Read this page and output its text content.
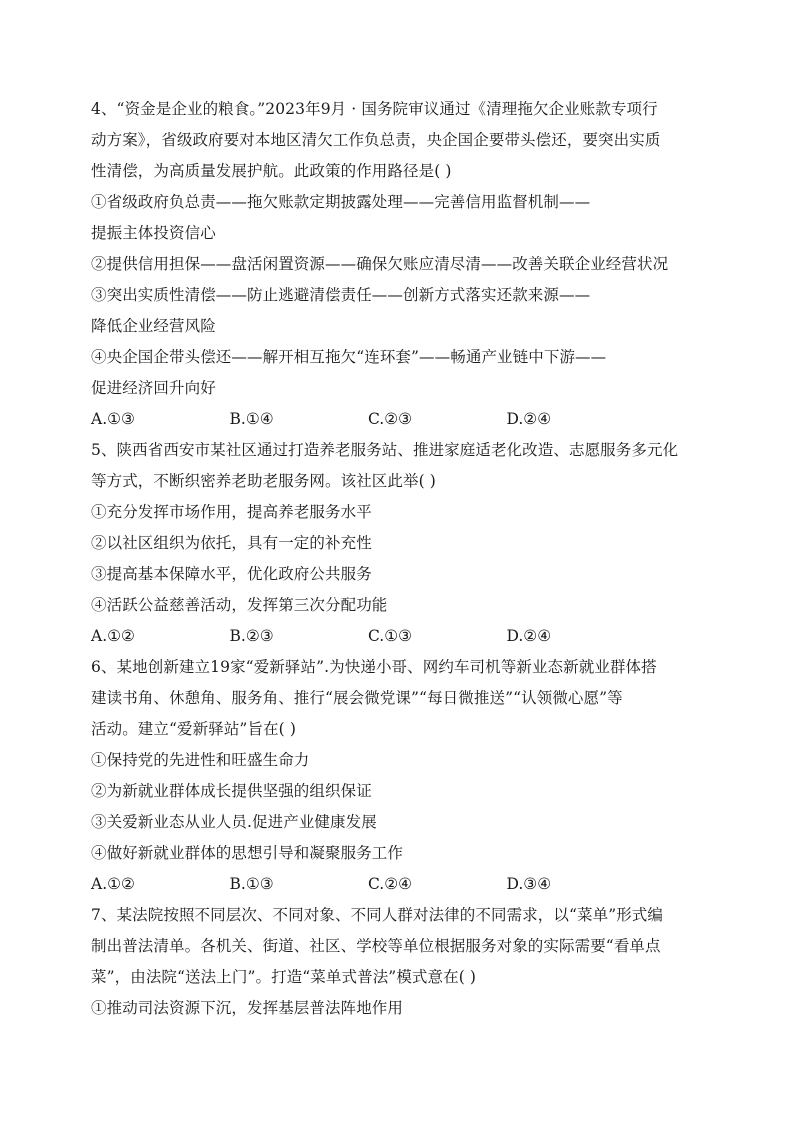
4、“资金是企业的粮食。”2023年9月 · 国务院审议通过《清理拖欠企业账款专项行
动方案》，省级政府要对本地区清欠工作负总责，央企国企要带头偿还，要突出实质
性清偿，为高质量发展护航。此政策的作用路径是( )
①省级政府负总责——拖欠账款定期披露处理——完善信用监督机制——
提振主体投资信心
②提供信用担保——盘活闲置资源——确保欠账应清尽清——改善关联企业经营状况
③突出实质性清偿——防止逃避清偿责任——创新方式落实还款来源——
降低企业经营风险
④央企国企带头偿还——解开相互拖欠“连环套”——畅通产业链中下游——
促进经济回升向好
A.①③	B.①④	C.②③	D.②④
5、陕西省西安市某社区通过打造养老服务站、推进家庭适老化改造、志愿服务多元化
等方式，不断织密养老助老服务网。该社区此举( )
①充分发挥市场作用，提高养老服务水平
②以社区组织为依托，具有一定的补充性
③提高基本保障水平，优化政府公共服务
④活跃公益慈善活动，发挥第三次分配功能
A.①②	B.②③	C.①③	D.②④
6、某地创新建立19家“爱新驿站”.为快递小哥、网约车司机等新业态新就业群体搭
建读书角、休憩角、服务角、推行“展会微党课”“每日微推送”“认领微心愿”等
活动。建立“爱新驿站”旨在( )
①保持党的先进性和旺盛生命力
②为新就业群体成长提供坚强的组织保证
③关爱新业态从业人员.促进产业健康发展
④做好新就业群体的思想引导和凝聚服务工作
A.①②	B.①③	C.②④	D.③④
7、某法院按照不同层次、不同对象、不同人群对法律的不同需求，以“菜单”形式编
制出普法清单。各机关、街道、社区、学校等单位根据服务对象的实际需要“看单点
菜”，由法院“送法上门”。打造“菜单式普法”模式意在( )
①推动司法资源下沉，发挥基层普法阵地作用
